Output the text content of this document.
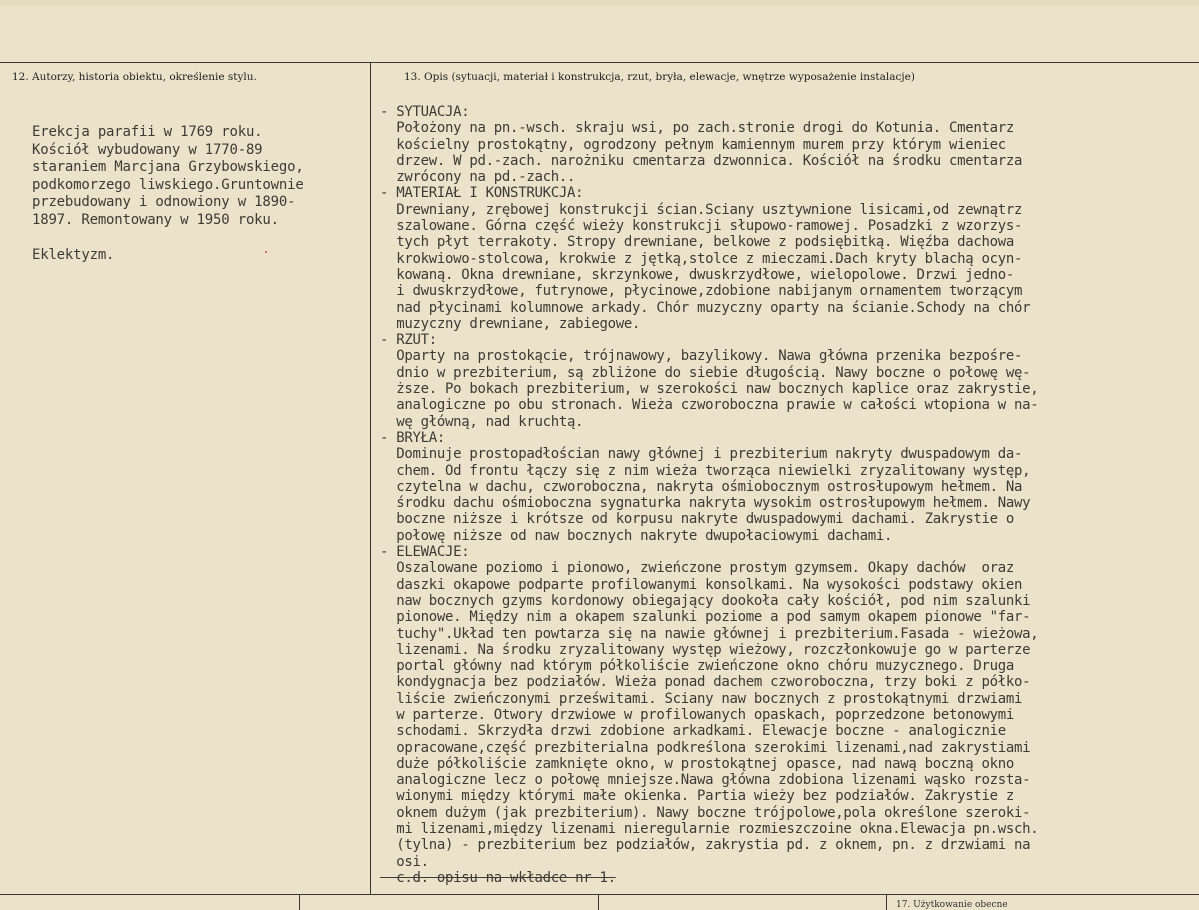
12. Autorzy, historia obiektu, określenie stylu.	13. Opis (sytuacji, materiał i konstrukcja, rzut, bryła, elewacje, wnętrze wyposażenie instalacje)
Erekcja parafii w 1769 roku.
Kościół wybudowany w 1770-89
staraniem Marcjana Grzybowskiego,
podkomorzego liwskiego.Gruntownie
przebudowany i odnowiony w 1890-
1897. Remontowany w 1950 roku.
Eklektyzm.
- SYTUACJA:
Położony na pn.-wsch. skraju wsi, po zach.stronie drogi do Kotunia. Cmentarz
kościelny prostokątny, ogrodzony pełnym kamiennym murem przy którym wieniec
drzew. W pd.-zach. narożniku cmentarza dzwonnica. Kościół na środku cmentarza
zwrócony na pd.-zach..
- MATERIAŁ I KONSTRUKCJA:
Drewniany, zrębowej konstrukcji ścian.Sciany usztywnione lisicami,od zewnątrz
szalowane. Górna część wieży konstrukcji słupowo-ramowej. Posadzki z wzorzys-
tych płyt terrakoty. Stropy drewniane, belkowe z podsiębitką. Więźba dachowa
krokwiowo-stolcowa, krokwie z jętką,stolce z mieczami.Dach kryty blachą ocyn-
kowaną. Okna drewniane, skrzynkowe, dwuskrzydłowe, wielopolowe. Drzwi jedno-
i dwuskrzydłowe, futrynowe, płycinowe,zdobione nabijanym ornamentem tworzącym
nad płycinami kolumnowe arkady. Chór muzyczny oparty na ścianie.Schody na chór
muzyczny drewniane, zabiegowe.
- RZUT:
Oparty na prostokącie, trójnawowy, bazylikowy. Nawa główna przenika bezpośre-
dnio w prezbiterium, są zbliżone do siebie długością. Nawy boczne o połowę wę-
ższe. Po bokach prezbiterium, w szerokości naw bocznych kaplice oraz zakrystie,
analogiczne po obu stronach. Wieża czworoboczna prawie w całości wtopiona w na-
wę główną, nad kruchtą.
- BRYŁA:
Dominuje prostopadłościan nawy głównej i prezbiterium nakryty dwuspadowym da-
chem. Od frontu łączy się z nim wieża tworząca niewielki zryzalitowany występ,
czytelna w dachu, czworoboczna, nakryta ośmiobocznym ostrosłupowym hełmem. Na
środku dachu ośmioboczna sygnaturka nakryta wysokim ostrosłupowym hełmem. Nawy
boczne niższe i krótsze od korpusu nakryte dwuspadowymi dachami. Zakrystie o
połowę niższe od naw bocznych nakryte dwupołaciowymi dachami.
- ELEWACJE:
Oszalowane poziomo i pionowo, zwieńczone prostym gzymsem. Okapy dachów  oraz
daszki okapowe podparte profilowanymi konsolkami. Na wysokości podstawy okien
naw bocznych gzyms kordonowy obiegający dookoła cały kościół, pod nim szalunki
pionowe. Między nim a okapem szalunki poziome a pod samym okapem pionowe "far-
tuchy".Układ ten powtarza się na nawie głównej i prezbiterium.Fasada - wieżowa,
lizenami. Na środku zryzalitowany występ wieżowy, rozczłonkowuje go w parterze
portal główny nad którym półkoliście zwieńczone okno chóru muzycznego. Druga
kondygnacja bez podziałów. Wieża ponad dachem czworoboczna, trzy boki z półko-
liście zwieńczonymi prześwitami. Sciany naw bocznych z prostokątnymi drzwiami
w parterze. Otwory drzwiowe w profilowanych opaskach, poprzedzone betonowymi
schodami. Skrzydła drzwi zdobione arkadkami. Elewacje boczne - analogicznie
opracowane,część prezbiterialna podkreślona szerokimi lizenami,nad zakrystiami
duże półkoliście zamknięte okno, w prostokątnej opasce, nad nawą boczną okno
analogiczne lecz o połowę mniejsze.Nawa główna zdobiona lizenami wąsko rozsta-
wionymi między którymi małe okienka. Partia wieży bez podziałów. Zakrystie z
oknem dużym (jak prezbiterium). Nawy boczne trójpolowe,pola określone szeroki-
mi lizenami,między lizenami nieregularnie rozmieszczoine okna.Elewacja pn.wsch.
(tylna) - prezbiterium bez podziałów, zakrystia pd. z oknem, pn. z drzwiami na
osi.
c.d. opisu na wkładce nr 1.
17. Użytkowanie obecne
